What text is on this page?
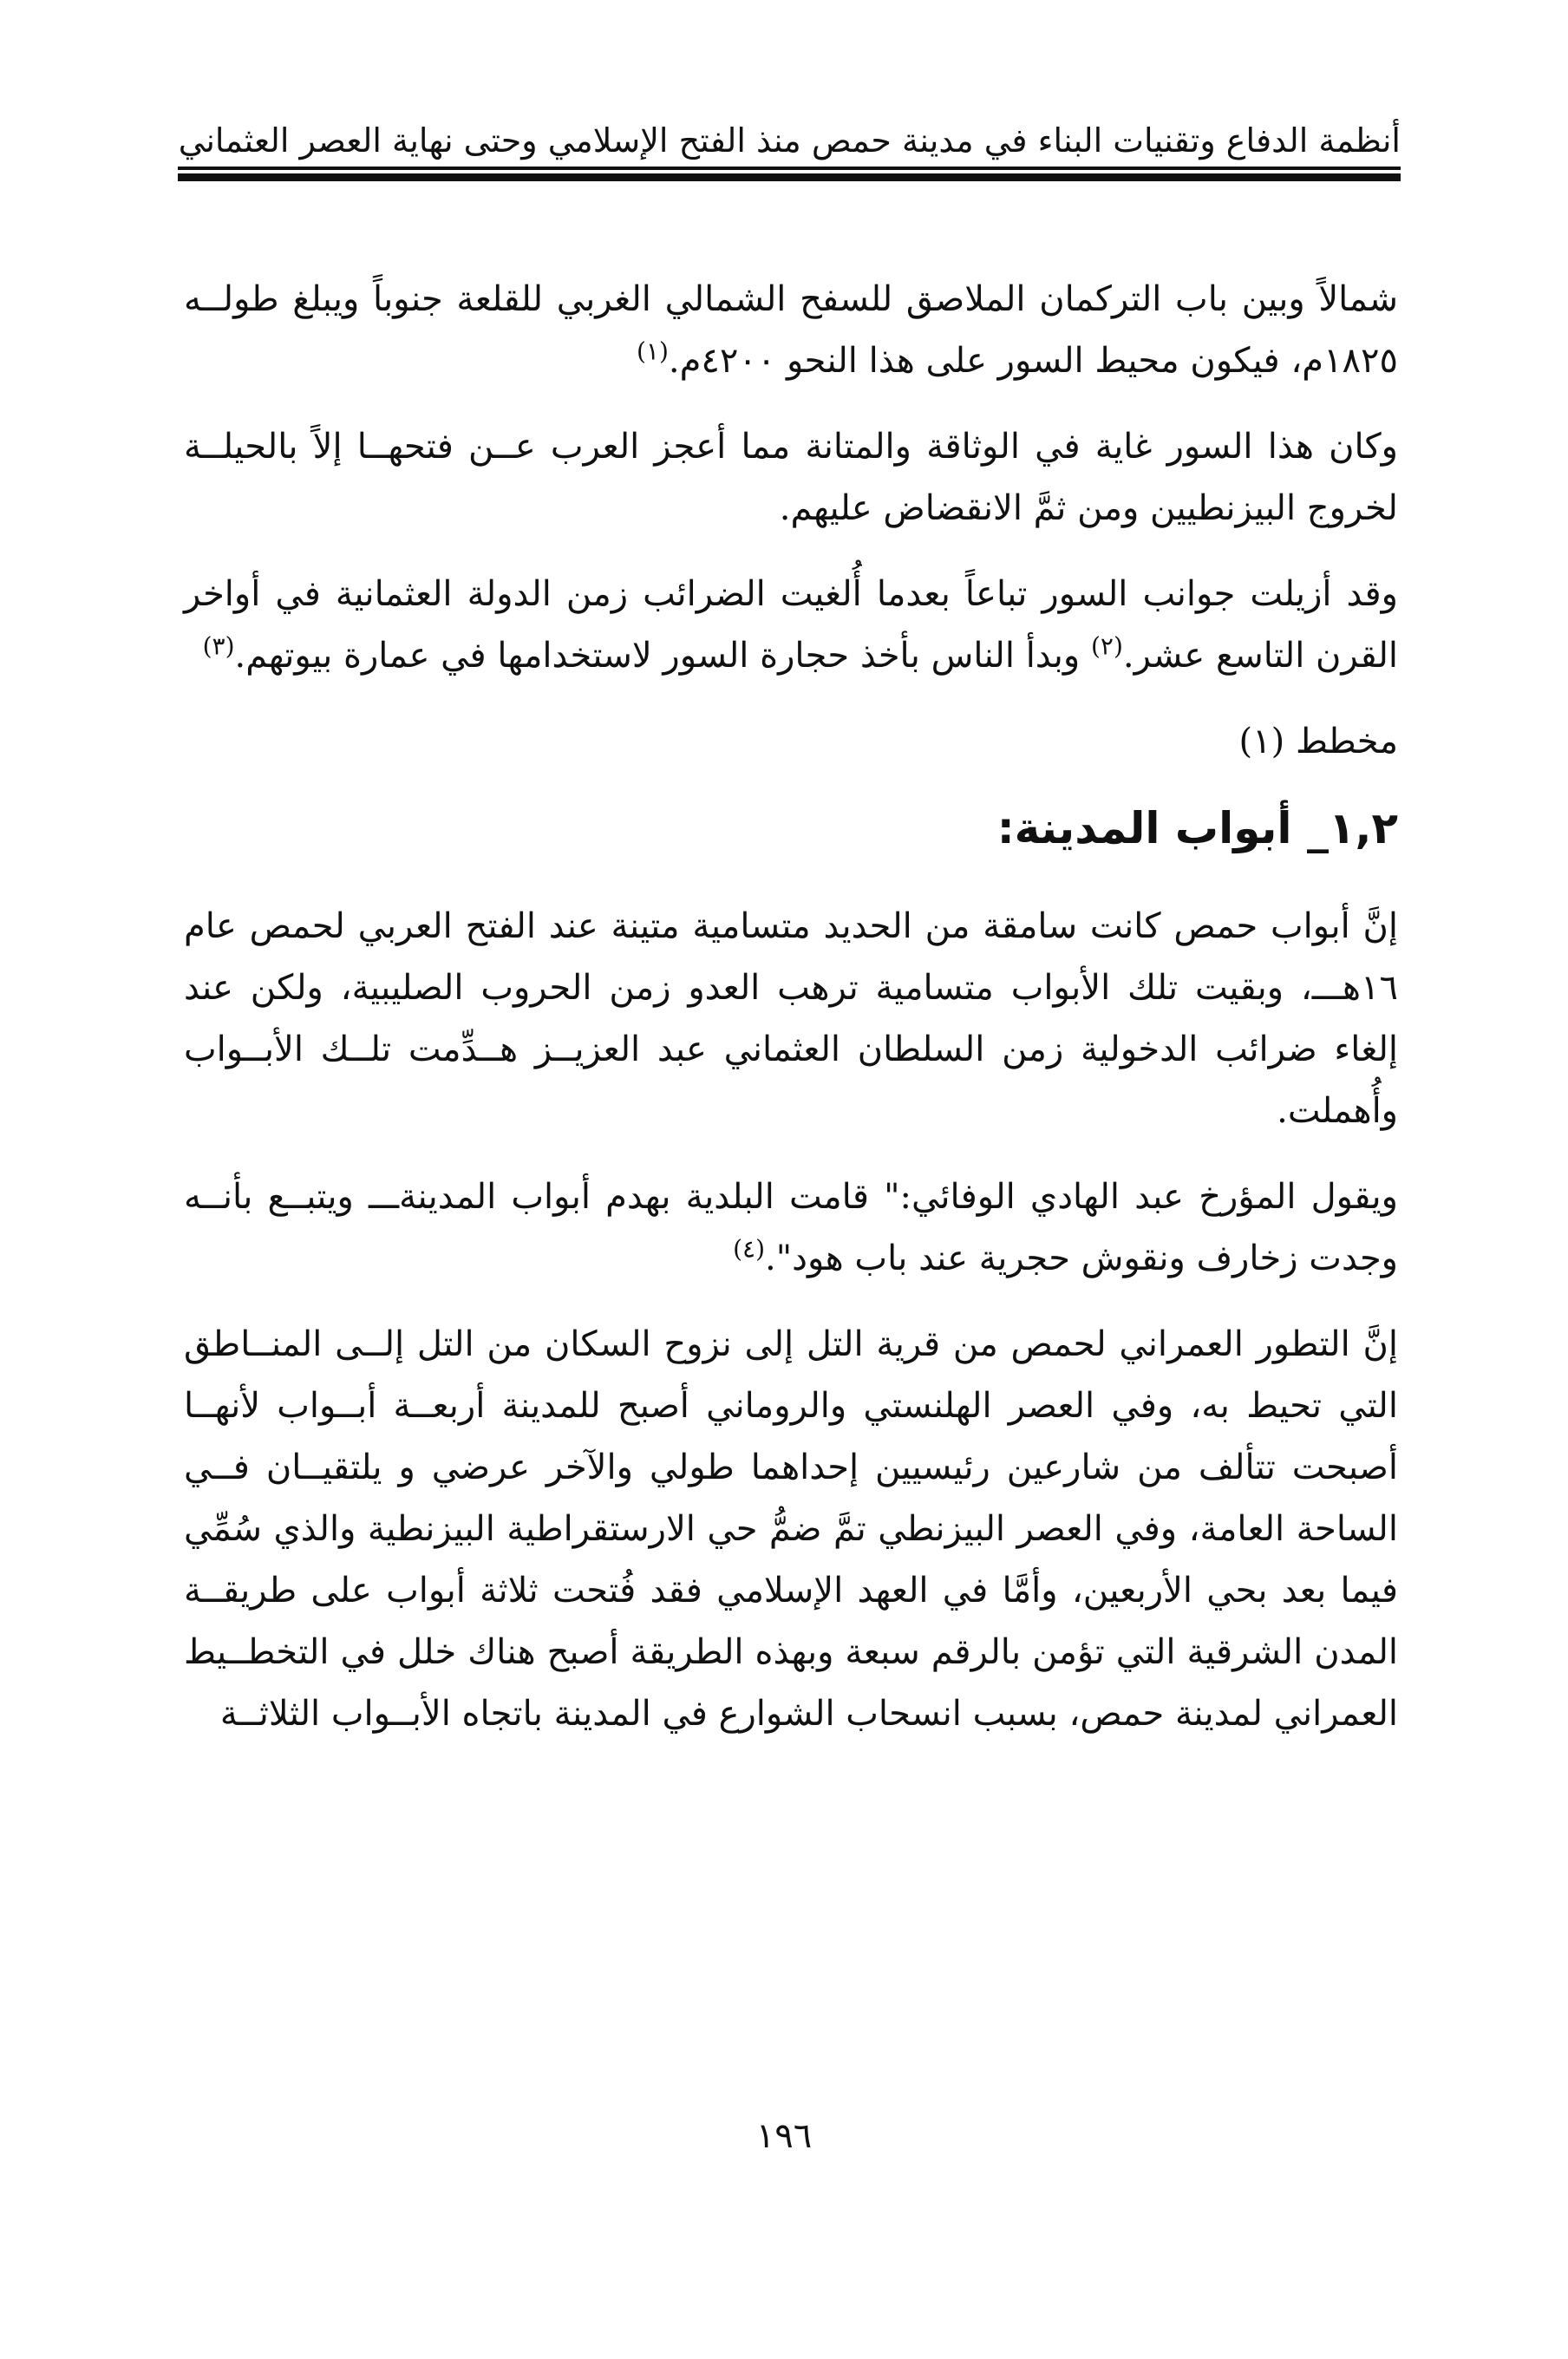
أنظمة الدفاع وتقنيات البناء في مدينة حمص منذ الفتح الإسلامي وحتى نهاية العصر العثماني

شمالاً وبين باب التركمان الملاصق للسفح الشمالي الغربي للقلعة جنوباً ويبلغ طولــه ١٨٢٥م، فيكون محيط السور على هذا النحو ٤٢٠٠م.$^{(١)}$

وكان هذا السور غاية في الوثاقة والمتانة مما أعجز العرب عــن فتحهــا إلاً بالحيلــة لخروج البيزنطيين ومن ثمَّ الانقضاض عليهم.

وقد أزيلت جوانب السور تباعاً بعدما أُلغيت الضرائب زمن الدولة العثمانية في أواخر القرن التاسع عشر.$^{(٢)}$ وبدأ الناس بأخذ حجارة السور لاستخدامها في عمارة بيوتهم.$^{(٣)}$

مخطط (١)

١,٢_ أبواب المدينة:

إنَّ أبواب حمص كانت سامقة من الحديد متسامية متينة عند الفتح العربي لحمص عام ١٦هـــ، وبقيت تلك الأبواب متسامية ترهب العدو زمن الحروب الصليبية، ولكن عند إلغاء ضرائب الدخولية زمن السلطان العثماني عبد العزيــز هــدِّمت تلــك الأبــواب وأُهملت.

ويقول المؤرخ عبد الهادي الوفائي:" قامت البلدية بهدم أبواب المدينةـــ ويتبــع بأنــه وجدت زخارف ونقوش حجرية عند باب هود".$^{(٤)}$

إنَّ التطور العمراني لحمص من قرية التل إلى نزوح السكان من التل إلــى المنــاطق التي تحيط به، وفي العصر الهلنستي والروماني أصبح للمدينة أربعــة أبــواب لأنهــا أصبحت تتألف من شارعين رئيسيين إحداهما طولي والآخر عرضي و يلتقيــان فــي الساحة العامة، وفي العصر البيزنطي تمَّ ضمُّ حي الارستقراطية البيزنطية والذي سُمِّي فيما بعد بحي الأربعين، وأمَّا في العهد الإسلامي فقد فُتحت ثلاثة أبواب على طريقــة المدن الشرقية التي تؤمن بالرقم سبعة وبهذه الطريقة أصبح هناك خلل في التخطــيط العمراني لمدينة حمص، بسبب انسحاب الشوارع في المدينة باتجاه الأبــواب الثلاثــة

١٩٦
